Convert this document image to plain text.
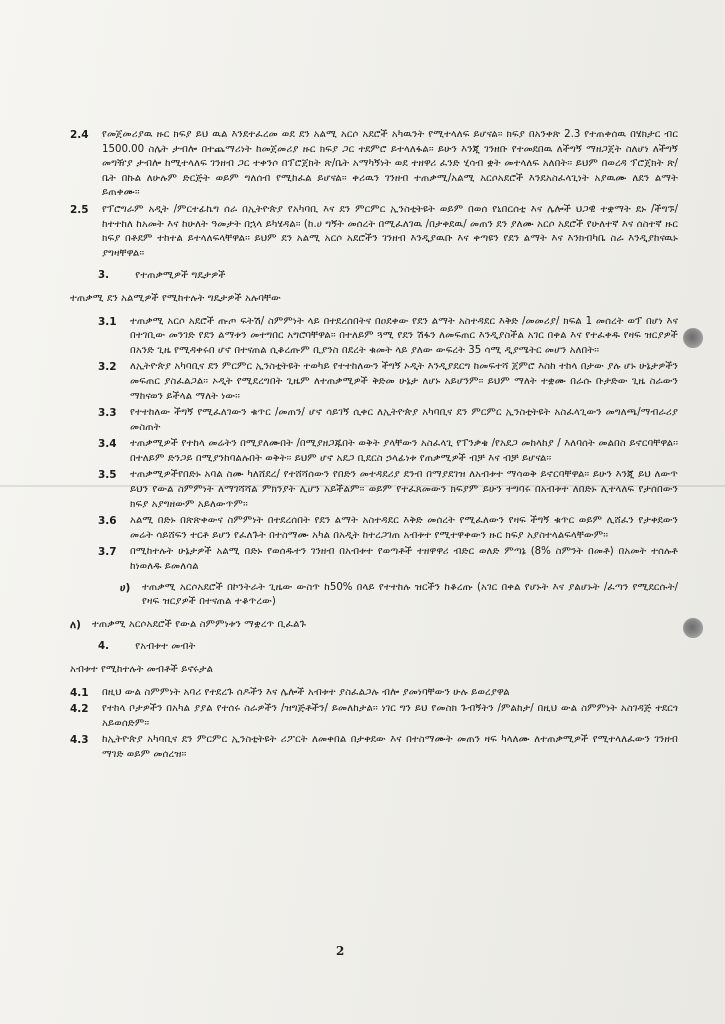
2.4	የመጀመሪያዉ ዙር ክፍያ ይህ ዉል እንደተፈረመ ወደ ደን አልሚ አርሶ አደሮች አካዉንት የሚተላለፍ ይሆናል፡፡ ክፍያ በአንቀጽ 2.3 የተጠቀሰዉ በሄክታር ብር 1500.00 ስሌት ታብሎ በተጨማሪነት ከመጀመሪያ ዙር ክፍያ ጋር ተደምሮ ይተላለፋል፡፡ ይሁን እንጂ ገንዘቡ የተመደበዉ ለችግኝ ማዘጋጀት ስለሆነ ለችግኝ መግዥያ ታብሎ ከሚተላለፍ ገንዘብ ጋር ተቀንሶ በፕሮጀክት ጽ/ቤት አማካኝነት ወደ ተዘዋሪ ፈንድ ሂሳብ ቋት መተላለፍ አለበት፡፡ ይህም በወረዳ ፕሮጀክት ጽ/ ቤት በኩል ለሁሉም ድርጅት ወይም ግለሰብ የሚከፈል ይሆናል፡፡ ቀሪዉን ገንዘብ ተጠቃሚ/አልሚ አርሶአደሮች እንደአስፈላጊነት አያዉሙ ለደን ልማት ይጠቀሙ፡፡
2.5	የፕሮግራም አዲት /ምርተፊኬግ ሰራ በኢትዮጵያ የአካባቢ እና ደን ምርምር ኢንስቲትዩት ወይም በወሰ የኒበርሰቲ እና ሌሎች ህጋዊ ተቋማት ደኑ /ችግኙ/ ከተተከለ ከአመት እና ከሁለት ዓመታት በኋላ ይካሄዳል፡፡ (ከ.ሀ ግኝት መሰረት በሚፈለገዉ /በታቀደዉ/ መጠን ደን ያለሙ አርሶ አደሮች የሁለተኛ እና ሰስተኛ ዙር ክፍያ በቶደም ተከተል ይተላለፍላቸዋል፡፡ ይህም ደን አልሚ አርሶ አደሮችን ገንዘብ እንዲያዉቡ እና ቀጣዩን የደን ልማት እና እንክብካቤ ስራ እንዲያከናዉኑ ያግዛቸዋል፡፡
3.	የተጠቃሚዎች ግዴታዎች
ተጠቃሚ ደን አልሚዎች የሚከተሉት ግዴታዎች አሉባቸው
3.1	ተጠቃሚ አርሶ አደሮች ጡጦ ፍትሽ/ ስምምነት ላይ በተደረሰበትና በዐደቀው የደን ልማት አስተዳደር እቅድ /መመሪያ/ ክፍል 1 መሰረት ወፕ በሆነ እና በተገቢው መንገድ የደን ልማቱን መተግበር አግሮባቸዋል፡፡ በተለይም ጓሚ የደን ሽፋን ለመፍጠር እንዲያስችል አገር በቀል እና የተፈቀዱ የዛፍ ዝርያዎች በአንድ ጊዜ የሚዳቀሩበ ሆኖ በተናጠል ሲቆረጡም ቢያንስ በደረት ቁመት ላይ ያለው ውፍረት 35 ሳሚ ዲያሜትር መሆን አለበት፡፡
3.2	ለኢትዮጵያ አካባቢና ደን ምርምር ኢንስቲትዩት ተወካይ የተተከለውን ችግኝ ኦዲት እንዲያደርግ ከመፍተሻ ጀምሮ እስከ ተከላ በታው ያሉ ሆኑ ሁኔታዎችን መፍጠር ያስፈልጋል፡፡ ኦዲት የሚደረግበት ጊዜም ለተጠቃሚዎች ቅድመ ሁኔታ ለሆኑ አይሆንም፡፡ ይህም ማለት ተቋሙ በራሱ ቡታድው ጊዜ ስራውን ማከናወን ይችላል ማለት ነው፡፡
3.3	የተተከለው ችግኝ የሚፈለገውን ቁጥር /መጠን/ ሆኖ ሳይገኝ ሲቀር ለኢትዮጵያ አካባቢና ደን ምርምር ኢንስቲትዩት አስፈላጊውን መግለጫ/ማብራሪያ መስጠት
3.4	ተጠቃሚዎች የተከላ መሬትን በሚያለሙበት /በሚያዘጋጁበት ወቅት ያላቸውን አስፈላጊ የፐንቃቄ /የአደጋ መከላከያ / እለባሰት መልበስ ይኖርባቸዋል፡፡ በተለይም ድንጋይ በሚያንከባልሉበት ወቅት፡፡ ይህም ሆኖ አደጋ ቢደርስ ኃላፊነቱ የጠቃሚዎች ብቻ እና ብቻ ይሆናል፡፡
3.5	ተጠቃሚዎችየበድኑ አባል ስሙ ካለሸደረ/ የተሸሻሰውን የበድን መተዳደሪያ ደንብ በማያደገዝ ለአብቱተ ማሳወቅ ይኖርባቸዋል፡፡ ይሁን እንጂ ይህ ለውጥ ይህን የውል ስምምነት ለማገሻሻል ምክንያት ሊሆን አይችልም፡፡ ወይም የተፈጸመውን ክፍያም ይሁን ተግባሩ በአብቱተ ለበድኑ ሊተላለፍ የታሰበውን ክፍያ አያግዘውም አይለውጥም፡፡
3.6	አልሚ በድኑ በጽጽቀውና ስምምነት በተደረሰበት የደን ልማት አስተዳደር እቅድ መሰረት የሚፈለውን የዛፍ ችግኝ ቁጥር ወይም ሊሸፈን የታቀደውን መሬት ሳይሸፍን ተርቶ ይሆን የፈለጉት በተስማሙ አካል በአዲት ከተረጋገጠ አብቱተ የሚተዋቀውን ዙር ክፍያ አያስተላልፍላቸውም፡፡
3.7	በሚከተሉት ሁኔታዎች አልሚ በድኑ የወሰዱተን ገንዘብ በአብቱተ የወጣቶች ተዘዋዋሪ ብድር ወለድ ምጣኔ (8% ስምንት በመቶ) በአመት ተሰሉቶ ከነወለዱ ይመለሳል
ሀ)	ተጠቃሚ አርሶአደሮች በኮንትራት ጊዜው ውስጥ ከ50% በላይ የተተከሉ ዝርችን ከቆረጡ (አገር በቀል የሆኑት እና ያልሆኑት /ፈጣን የሚደርሱት/ የዛፍ ዝርያዎች በተናጠል ተቆጥረው)
ለ)	ተጠቃሚ አርሶአደሮች የውል ስምምነቱን ማቋረጥ ቢፈልጉ
4.	የአብቱተ መብት
አብቱተ የሚከተሉት መብቶች ይኖሩታል
4.1	በዚህ ውል ስምምነት አባሪ የተደረጉ ሰዶችን እና ሌሎች አብቱተ ያስፈልጋሉ ብሎ ያመነባቸውን ሁሉ ይወረያዋል
4.2	የተከላ ቦታዎችን በአካል ያያል የተሰሩ ስራዎችን /ዝግጅቶችን/ ይመለከታል፡፡ ነገር ግን ይህ የመስክ ጉብኝትን /ምልከታ/ በዚህ ውል ስምምነት አስገዳጅ ተደርጎ አይወሰድም፡፡
4.3	ከኢትዮጵያ አካባቢና ደን ምርምር ኢንስቲትዩት ሪፖርት ለመቀበል በታቀደው እና በተስማሙት መጠን ዛፍ ካላለሙ ለተጠቃሚዎች የሚተላለፈውን ገንዘብ ማገድ ወይም መሰረዝ፡፡
2
